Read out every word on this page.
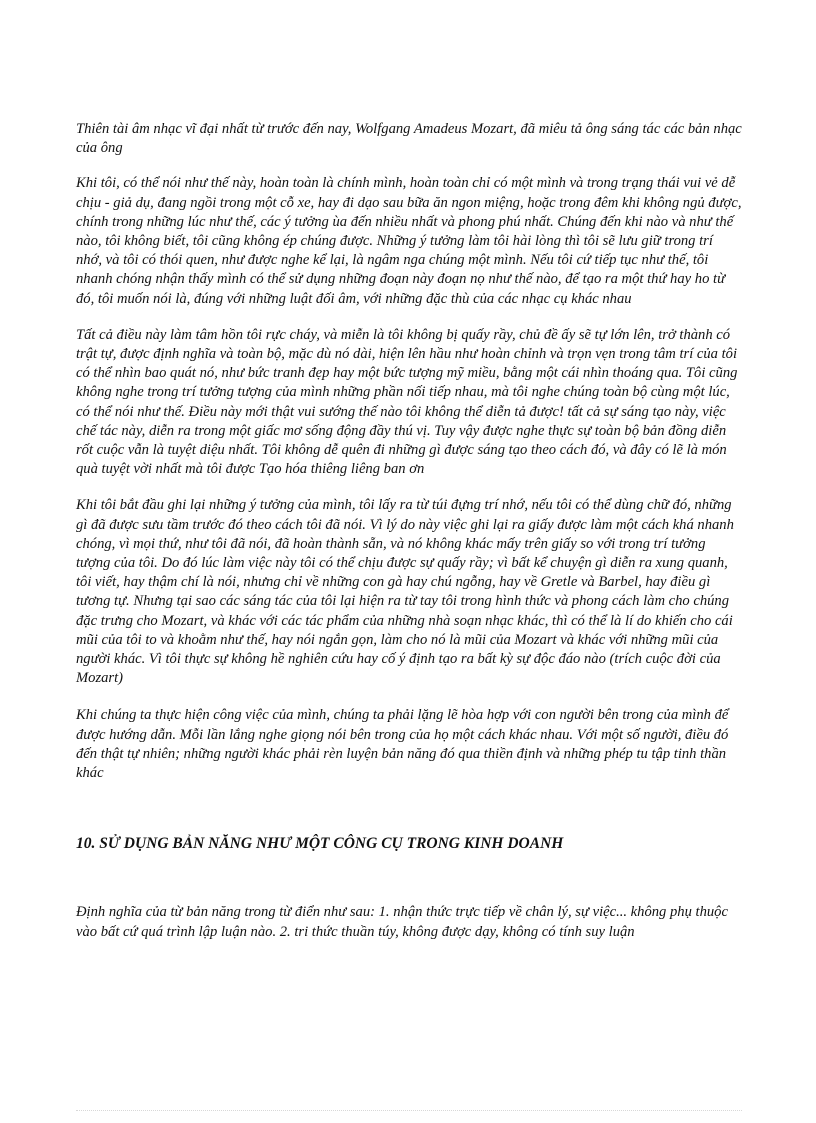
Thiên tài âm nhạc vĩ đại nhất từ trước đến nay, Wolfgang Amadeus Mozart, đã miêu tả ông sáng tác các bản nhạc của ông

Khi tôi, có thể nói như thế này, hoàn toàn là chính mình, hoàn toàn chỉ có một mình và trong trạng thái vui vẻ dễ chịu - giả dụ, đang ngồi trong một cỗ xe, hay đi dạo sau bữa ăn ngon miệng, hoặc trong đêm khi không ngủ được, chính trong những lúc như thế, các ý tưởng ùa đến nhiều nhất và phong phú nhất. Chúng đến khi nào và như thế nào, tôi không biết, tôi cũng không ép chúng được. Những ý tưởng làm tôi hài lòng thì tôi sẽ lưu giữ trong trí nhớ, và tôi có thói quen, như được nghe kể lại, là ngâm nga chúng một mình. Nếu tôi cứ tiếp tục như thế, tôi nhanh chóng nhận thấy mình có thể sử dụng những đoạn này đoạn nọ như thế nào, để tạo ra một thứ hay ho từ đó, tôi muốn nói là, đúng với những luật đối âm, với những đặc thù của các nhạc cụ khác nhau

Tất cả điều này làm tâm hồn tôi rực cháy, và miễn là tôi không bị quấy rầy, chủ đề ấy sẽ tự lớn lên, trở thành có trật tự, được định nghĩa và toàn bộ, mặc dù nó dài, hiện lên hầu như hoàn chỉnh và trọn vẹn trong tâm trí của tôi có thể nhìn bao quát nó, như bức tranh đẹp hay một bức tượng mỹ miều, bằng một cái nhìn thoáng qua. Tôi cũng không nghe trong trí tưởng tượng của mình những phần nối tiếp nhau, mà tôi nghe chúng toàn bộ cùng một lúc, có thể nói như thế. Điều này mới thật vui sướng thế nào tôi không thể diễn tả được! tất cả sự sáng tạo này, việc chế tác này, diễn ra trong một giấc mơ sống động đầy thú vị. Tuy vậy được nghe thực sự toàn bộ bản đồng diễn rốt cuộc vẫn là tuyệt diệu nhất. Tôi không dễ quên đi những gì được sáng tạo theo cách đó, và đây có lẽ là món quà tuyệt vời nhất mà tôi được Tạo hóa thiêng liêng ban ơn

Khi tôi bắt đầu ghi lại những ý tưởng của mình, tôi lấy ra từ túi đựng trí nhớ, nếu tôi có thể dùng chữ đó, những gì đã được sưu tầm trước đó theo cách tôi đã nói. Vì lý do này việc ghi lại ra giấy được làm một cách khá nhanh chóng, vì mọi thứ, như tôi đã nói, đã hoàn thành sẵn, và nó không khác mấy trên giấy so với trong trí tưởng tượng của tôi. Do đó lúc làm việc này tôi có thể chịu được sự quấy rầy; vì bất kể chuyện gì diễn ra xung quanh, tôi viết, hay thậm chí là nói, nhưng chỉ về những con gà hay chú ngỗng, hay về Gretle và Barbel, hay điều gì tương tự. Nhưng tại sao các sáng tác của tôi lại hiện ra từ tay tôi trong hình thức và phong cách làm cho chúng đặc trưng cho Mozart, và khác với các tác phẩm của những nhà soạn nhạc khác, thì có thể là lí do khiến cho cái mũi của tôi to và khoằm như thế, hay nói ngắn gọn, làm cho nó là mũi của Mozart và khác với những mũi của người khác. Vì tôi thực sự không hề nghiên cứu hay cố ý định tạo ra bất kỳ sự độc đáo nào (trích cuộc đời của Mozart)

Khi chúng ta thực hiện công việc của mình, chúng ta phải lặng lẽ hòa hợp với con người bên trong của mình để được hướng dẫn. Mỗi lần lắng nghe giọng nói bên trong của họ một cách khác nhau. Với một số người, điều đó đến thật tự nhiên; những người khác phải rèn luyện bản năng đó qua thiền định và những phép tu tập tinh thần khác

10. SỬ DỤNG BẢN NĂNG NHƯ MỘT CÔNG CỤ TRONG KINH DOANH

Định nghĩa của từ bản năng trong từ điển như sau: 1. nhận thức trực tiếp về chân lý, sự việc... không phụ thuộc vào bất cứ quá trình lập luận nào. 2. tri thức thuần túy, không được dạy, không có tính suy luận
